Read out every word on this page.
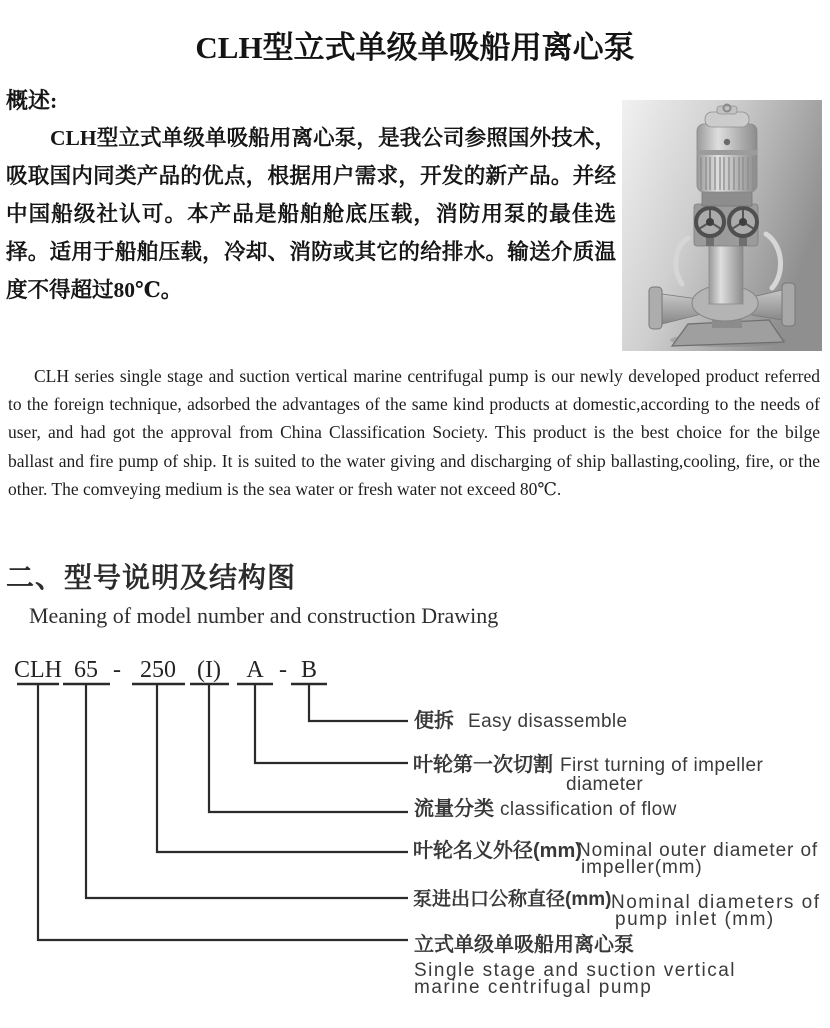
CLH型立式单级单吸船用离心泵
概述:
CLH型立式单级单吸船用离心泵，是我公司参照国外技术，吸取国内同类产品的优点，根据用户需求，开发的新产品。并经中国船级社认可。本产品是船舶舱底压载，消防用泵的最佳选择。适用于船舶压载，冷却、消防或其它的给排水。输送介质温度不得超过80℃。
CLH series single stage and suction vertical marine centrifugal pump is our newly developed product referred to the foreign technique, adsorbed the advantages of the same kind products at domestic,according to the needs of user, and had got the approval from China Classification Society. This product is the best choice for the bilge ballast and fire pump of ship. It is suited to the water giving and discharging of ship ballasting,cooling, fire, or the other. The comveying medium is the sea water or fresh water not exceed 80℃.
二、型号说明及结构图
Meaning of model number and construction Drawing
CLH 65 - 250 (I) A - B
便拆 Easy disassemble
叶轮第一次切割 First turning of impeller
diameter
流量分类 classification of flow
叶轮名义外径(mm)
Nominal outer diameter of
impeller(mm)
泵进出口公称直径(mm) Nominal diameters of
pump inlet (mm)
立式单级单吸船用离心泵
Single stage and suction vertical
marine centrifugal pump
